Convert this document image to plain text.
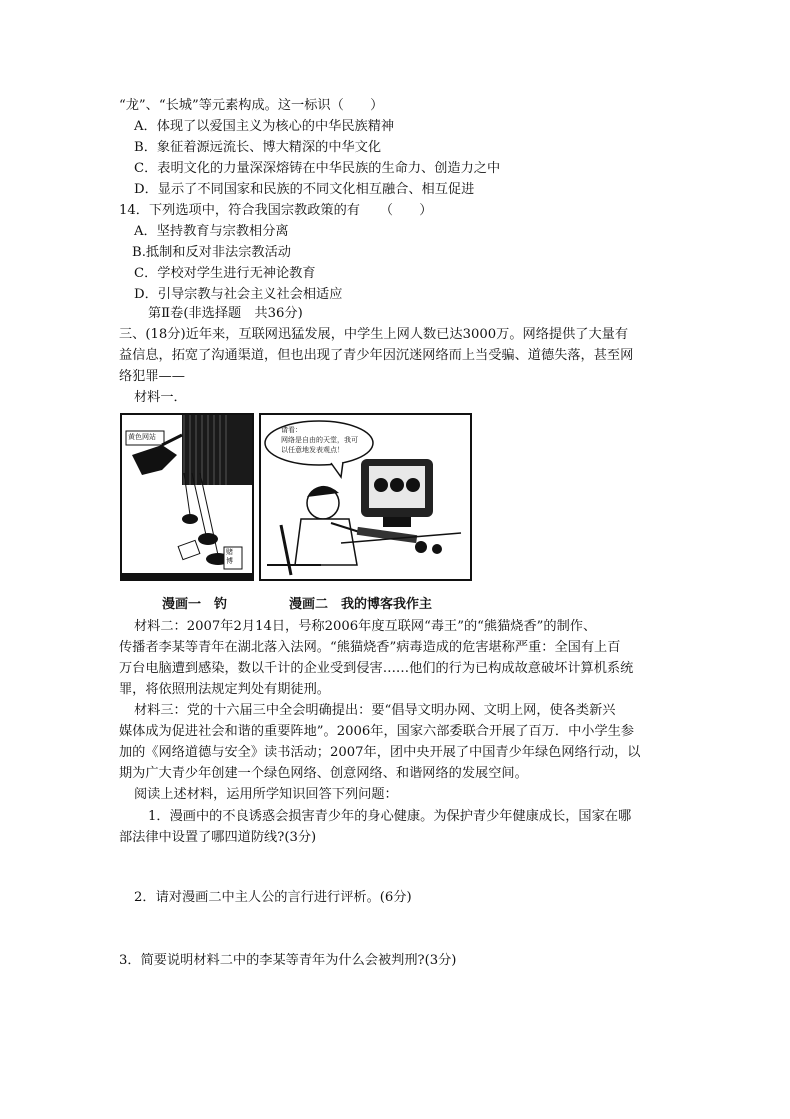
“龙”、“长城”等元素构成。这一标识（　　）
A．体现了以爱国主义为核心的中华民族精神
B．象征着源远流长、博大精深的中华文化
C．表明文化的力量深深熔铸在中华民族的生命力、创造力之中
D．显示了不同国家和民族的不同文化相互融合、相互促进
14．下列选项中，符合我国宗教政策的有　　（　　）
A．坚持教育与宗教相分离
B.抵制和反对非法宗教活动
C．学校对学生进行无神论教育
D．引导宗教与社会主义社会相适应
第Ⅱ卷(非选择题　共36分)
三、(18分)近年来，互联网迅猛发展，中学生上网人数已达3000万。网络提供了大量有
益信息，拓宽了沟通渠道，但也出现了青少年因沉迷网络而上当受骗、道德失落，甚至网
络犯罪——
材料一．
黄色网站
赌博
请看：
网络是自由的天堂，我可
以任意地发表观点！
漫画一　钓	漫画二　我的博客我作主
材料二：2007年2月14日，号称2006年度互联网“毒王”的“熊猫烧香”的制作、
传播者李某等青年在湖北落入法网。“熊猫烧香”病毒造成的危害堪称严重：全国有上百
万台电脑遭到感染，数以千计的企业受到侵害……他们的行为已构成故意破坏计算机系统
罪，将依照刑法规定判处有期徒刑。
材料三：党的十六届三中全会明确提出：要“倡导文明办网、文明上网，使各类新兴
媒体成为促进社会和谐的重要阵地”。2006年，国家六部委联合开展了百万．中小学生参
加的《网络道德与安全》读书活动；2007年，团中央开展了中国青少年绿色网络行动，以
期为广大青少年创建一个绿色网络、创意网络、和谐网络的发展空间。
阅读上述材料，运用所学知识回答下列问题：
1．漫画中的不良诱惑会损害青少年的身心健康。为保护青少年健康成长，国家在哪
部法律中设置了哪四道防线?(3分)
2．请对漫画二中主人公的言行进行评析。(6分)
3．简要说明材料二中的李某等青年为什么会被判刑?(3分)
